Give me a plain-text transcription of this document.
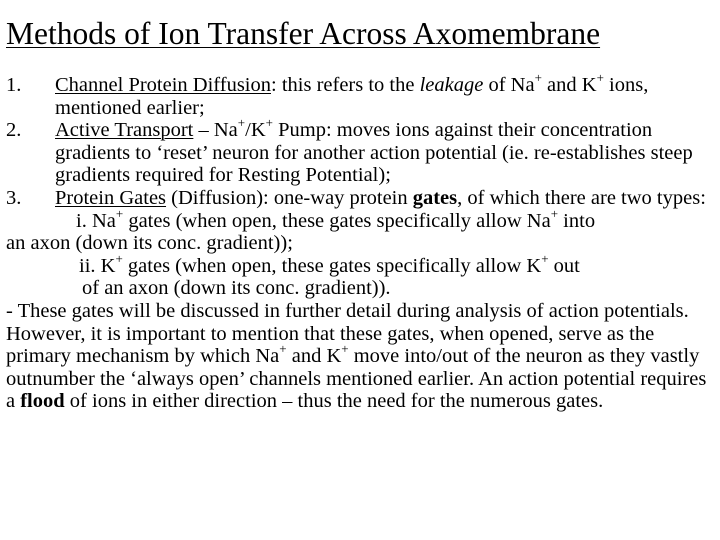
Methods of Ion Transfer Across Axomembrane
1. Channel Protein Diffusion: this refers to the leakage of Na+ and K+ ions, mentioned earlier;
2. Active Transport – Na+/K+ Pump: moves ions against their concentration gradients to ‘reset’ neuron for another action potential (ie. re-establishes steep gradients required for Resting Potential);
3. Protein Gates (Diffusion): one-way protein gates, of which there are two types:
i. Na+ gates (when open, these gates specifically allow Na+ into
an axon (down its conc. gradient));
ii. K+ gates (when open, these gates specifically allow K+ out
of an axon (down its conc. gradient)).

- These gates will be discussed in further detail during analysis of action potentials. However, it is important to mention that these gates, when opened, serve as the primary mechanism by which Na+ and K+ move into/out of the neuron as they vastly outnumber the ‘always open’ channels mentioned earlier. An action potential requires a flood of ions in either direction – thus the need for the numerous gates.
